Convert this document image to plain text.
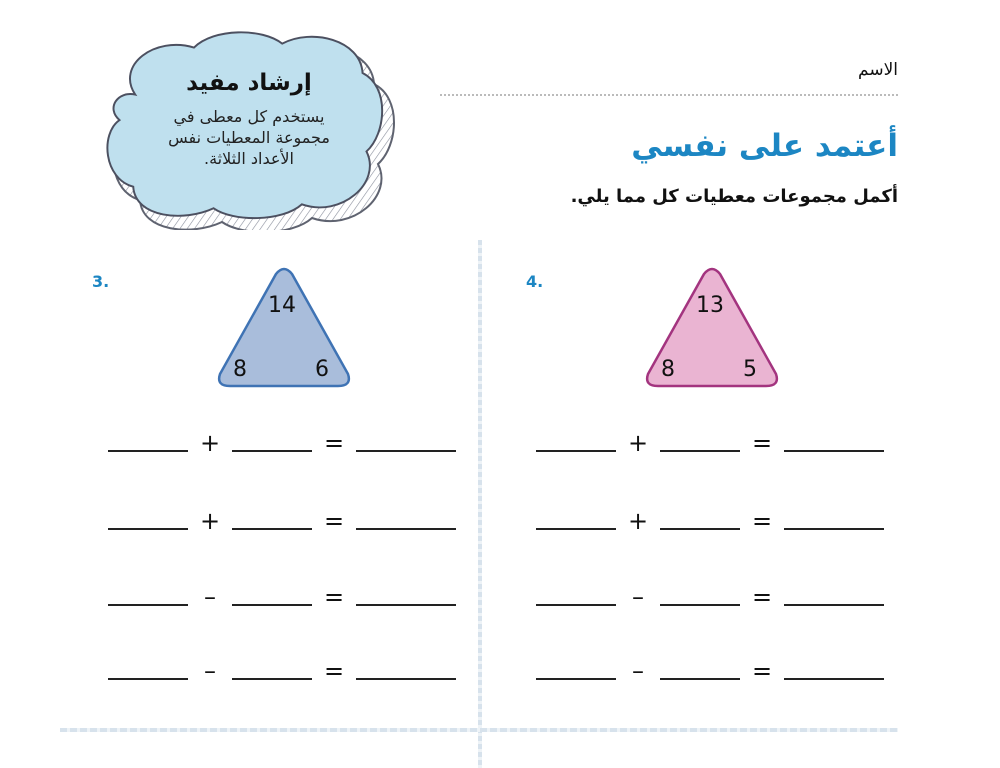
الاسم
أعتمد على نفسي
أكمل مجموعات معطيات كل مما يلي.
إرشاد مفيد
يستخدم كل معطى في
مجموعة المعطيات نفس
الأعداد الثلاثة.
3.
14
8	6
+	=
+	=
–	=
–	=
4.
13
8	5
+	=
+	=
–	=
–	=
